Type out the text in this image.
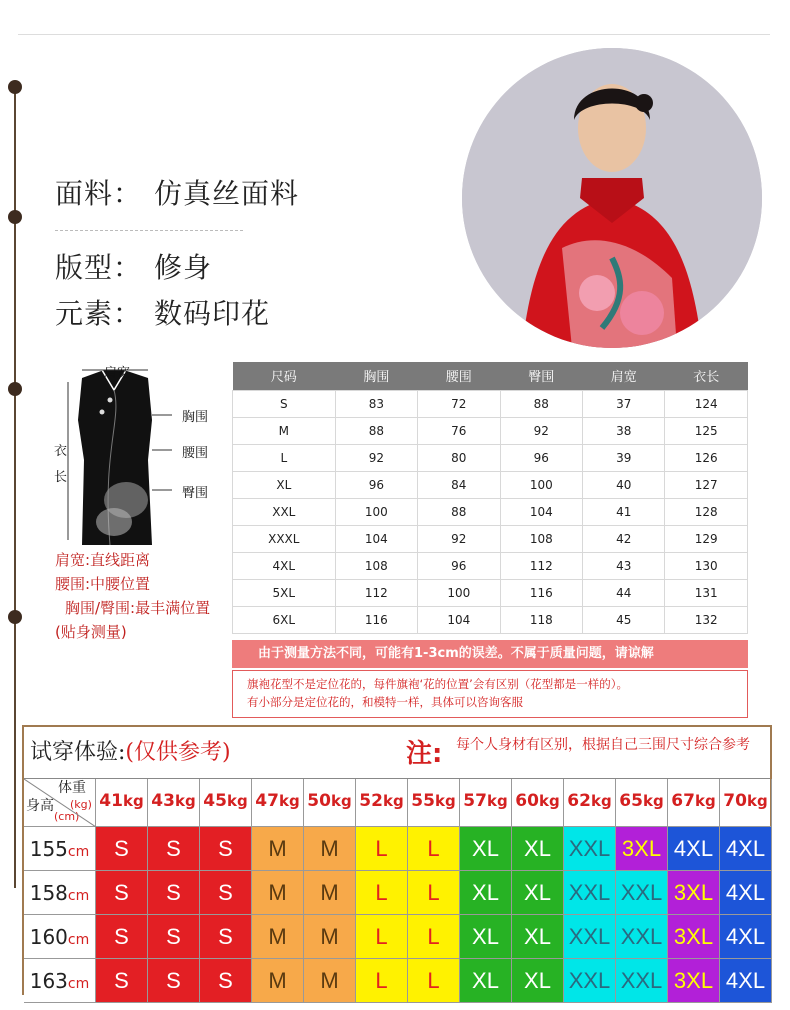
面料： 仿真丝面料
版型： 修身
元素： 数码印花
肩宽
胸围
腰围
臀围
衣
长
肩宽:直线距离
腰围:中腰位置
胸围/臀围:最丰满位置
(贴身测量)
尺码	胸围	腰围	臀围	肩宽	衣长
S	83	72	88	37	124
M	88	76	92	38	125
L	92	80	96	39	126
XL	96	84	100	40	127
XXL	100	88	104	41	128
XXXL	104	92	108	42	129
4XL	108	96	112	43	130
5XL	112	100	116	44	131
6XL	116	104	118	45	132
由于测量方法不同，可能有1-3cm的误差。不属于质量问题，请谅解
旗袍花型不是定位花的，每件旗袍‘花的位置’会有区别（花型都是一样的）。
有小部分是定位花的，和模特一样，具体可以咨询客服
试穿体验:(仅供参考)	注: 每个人身材有区别，根据自己三围尺寸综合参考
体重
(kg)
身高
(cm)
41kg 43kg 45kg 47kg 50kg 52kg 55kg 57kg 60kg 62kg 65kg 67kg 70kg
155cm	S	S	S	M	M	L	L	XL	XL XXL 3XL 4XL 4XL
158cm	S	S	S	M	M	L	L	XL	XL XXL XXL 3XL 4XL
160cm	S	S	S	M	M	L	L	XL	XL XXL XXL 3XL 4XL
163cm	S	S	S	M	M	L	L	XL	XL XXL XXL 3XL 4XL
